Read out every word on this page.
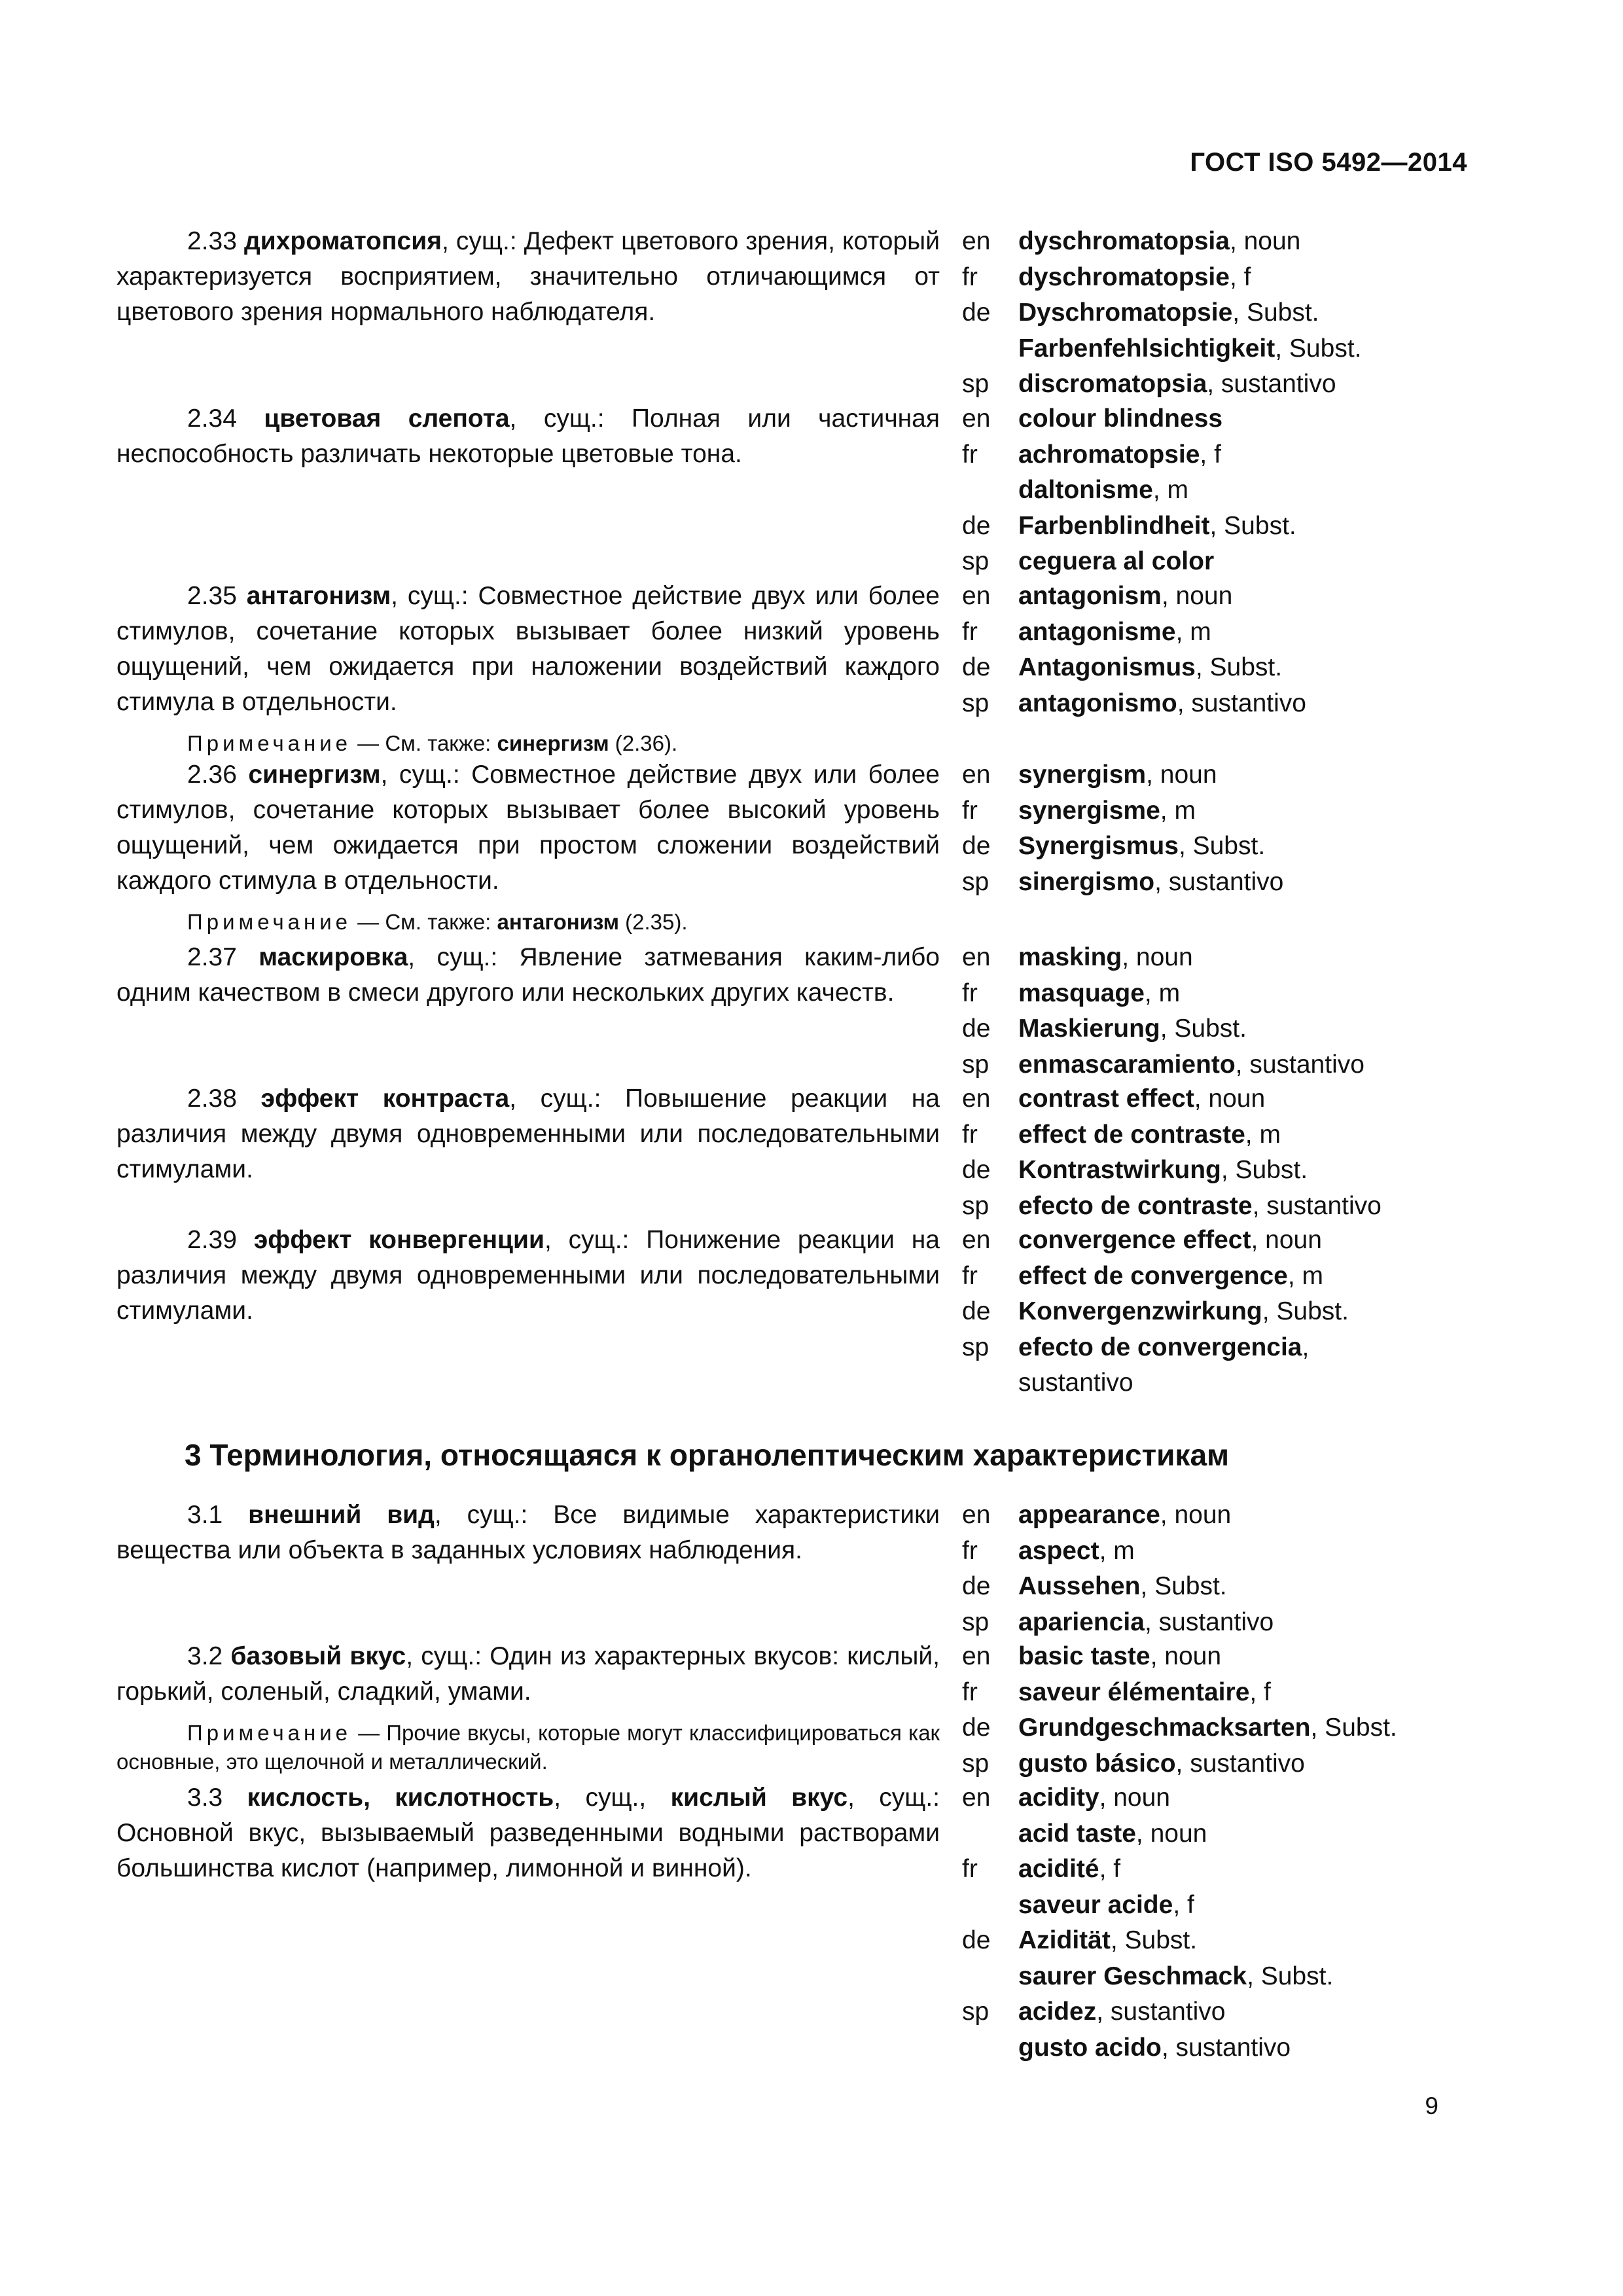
ГОСТ ISO 5492—2014

2.33 дихроматопсия, сущ.: Дефект цветового зрения, который характеризуется восприятием, значительно отличающимся от цветового зрения нормального наблюдателя.

en	dyschromatopsia, noun
fr	dyschromatopsie, f
de	Dyschromatopsie, Subst.
Farbenfehlsichtigkeit, Subst.
sp	discromatopsia, sustantivo

2.34 цветовая слепота, сущ.: Полная или частичная неспособность различать некоторые цветовые тона.

en	colour blindness
fr	achromatopsie, f
daltonisme, m
de	Farbenblindheit, Subst.
sp	ceguera al color

2.35 антагонизм, сущ.: Совместное действие двух или более стимулов, сочетание которых вызывает более низкий уровень ощущений, чем ожидается при наложении воздействий каждого стимула в отдельности.

Примечание — См. также: синергизм (2.36).

en	antagonism, noun
fr	antagonisme, m
de	Antagonismus, Subst.
sp	antagonismo, sustantivo

2.36 синергизм, сущ.: Совместное действие двух или более стимулов, сочетание которых вызывает более высокий уровень ощущений, чем ожидается при простом сложении воздействий каждого стимула в отдельности.

Примечание — См. также: антагонизм (2.35).

en	synergism, noun
fr	synergisme, m
de	Synergismus, Subst.
sp	sinergismo, sustantivo

2.37 маскировка, сущ.: Явление затмевания каким-либо одним качеством в смеси другого или нескольких других качеств.

en	masking, noun
fr	masquage, m
de	Maskierung, Subst.
sp	enmascaramiento, sustantivo

2.38 эффект контраста, сущ.: Повышение реакции на различия между двумя одновременными или последовательными стимулами.

en	contrast effect, noun
fr	effect de contraste, m
de	Kontrastwirkung, Subst.
sp	efecto de contraste, sustantivo

2.39 эффект конвергенции, сущ.: Понижение реакции на различия между двумя одновременными или последовательными стимулами.

en	convergence effect, noun
fr	effect de convergence, m
de	Konvergenzwirkung, Subst.
sp	efecto de convergencia,
sustantivo

3.1 внешний вид, сущ.: Все видимые характеристики вещества или объекта в заданных условиях наблюдения.

en	appearance, noun
fr	aspect, m
de	Aussehen, Subst.
sp	apariencia, sustantivo

3.2 базовый вкус, сущ.: Один из характерных вкусов: кислый, горький, соленый, сладкий, умами.

Примечание — Прочие вкусы, которые могут классифицироваться как основные, это щелочной и металлический.

en	basic taste, noun
fr	saveur élémentaire, f
de	Grundgeschmacksarten, Subst.
sp	gusto básico, sustantivo

3.3 кислость, кислотность, сущ., кислый вкус, сущ.: Основной вкус, вызываемый разведенными водными растворами большинства кислот (например, лимонной и винной).

en	acidity, noun
acid taste, noun
fr	acidité, f
saveur acide, f
de	Azidität, Subst.
saurer Geschmack, Subst.
sp	acidez, sustantivo
gusto acido, sustantivo
3 Терминология, относящаяся к органолептическим характеристикам
9
